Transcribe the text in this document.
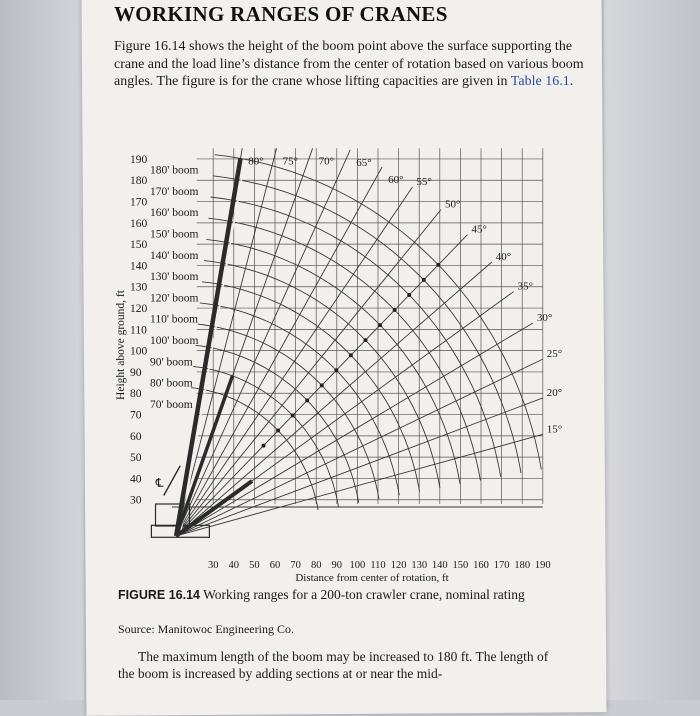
WORKING RANGES OF CRANES

Figure 16.14 shows the height of the boom point above the surface supporting the crane and the load line’s distance from the center of rotation based on various boom angles. The figure is for the crane whose lifting capacities are given in Table 16.1.

30 40 50 60 70 80 90 100 110 120 130 140 150 160 170 180 190
190
180
170
160
150
140
130
120
110
100
90
80
70
60
50
40
30
180' boom
170' boom
160' boom
150' boom
140' boom
130' boom
120' boom
110' boom
100' boom
90' boom
80' boom
70' boom
80° 75° 70° 65°
60° 55°
50°
45°
40°
35°
30°
25°
20°
15°
℄
Distance from center of rotation, ft
Height above ground, ft

FIGURE 16.14 Working ranges for a 200-ton crawler crane, nominal rating

Source: Manitowoc Engineering Co.

The maximum length of the boom may be increased to 180 ft. The length of the boom is increased by adding sections at or near the mid-
